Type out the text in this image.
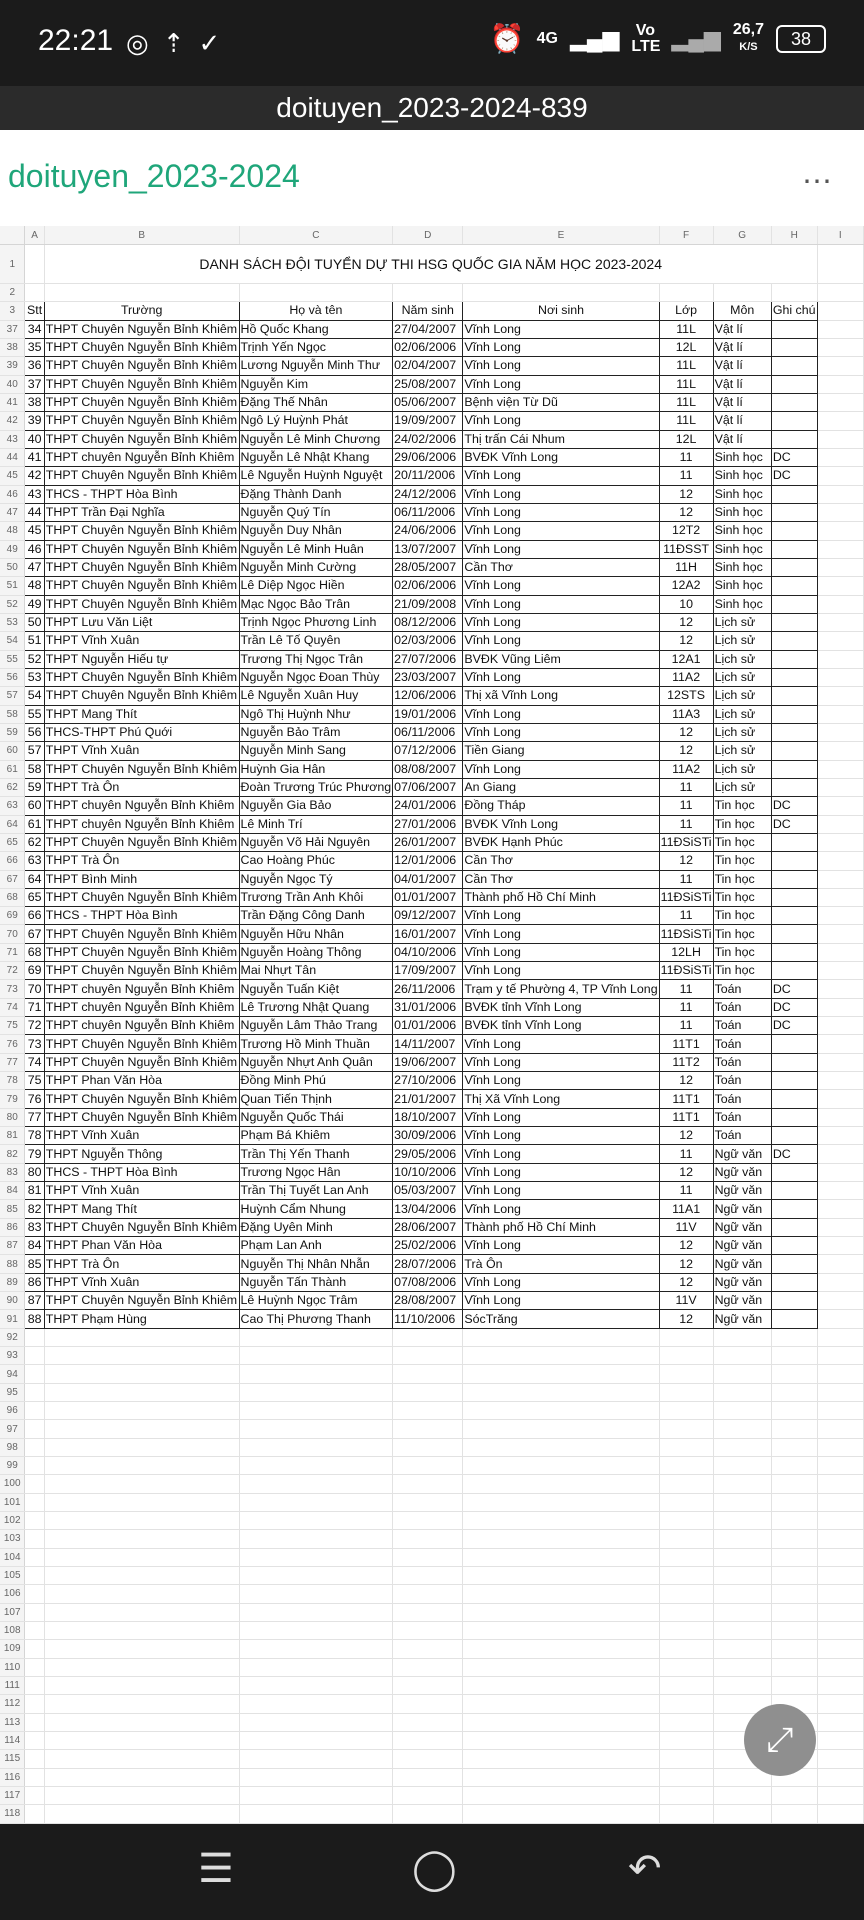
22:21 ◎⇡✓	⏰ 4G ▂▄▆ Vo LTE ▂▄▆ 26,7
K/S	38
doituyen_2023-2024-839
doituyen_2023-2024	⋯
	A	B	C	D	E	F	G	H	I
1		DANH SÁCH ĐỘI TUYỂN DỰ THI HSG QUỐC GIA NĂM HỌC 2023-2024							
2									
3	Stt	Trường	Họ và tên	Năm sinh	Nơi sinh	Lớp	Môn	Ghi chú	
37	34	THPT Chuyên Nguyễn Bỉnh Khiêm	Hồ Quốc Khang	27/04/2007	Vĩnh Long	11L	Vật lí		
38	35	THPT Chuyên Nguyễn Bỉnh Khiêm	Trịnh Yến Ngọc	02/06/2006	Vĩnh Long	12L	Vật lí		
39	36	THPT Chuyên Nguyễn Bỉnh Khiêm	Lương Nguyễn Minh Thư	02/04/2007	Vĩnh Long	11L	Vật lí		
40	37	THPT Chuyên Nguyễn Bỉnh Khiêm	Nguyễn Kim	25/08/2007	Vĩnh Long	11L	Vật lí		
41	38	THPT Chuyên Nguyễn Bỉnh Khiêm	Đặng Thế Nhân	05/06/2007	Bệnh viện Từ Dũ	11L	Vật lí		
42	39	THPT Chuyên Nguyễn Bỉnh Khiêm	Ngô Lý Huỳnh Phát	19/09/2007	Vĩnh Long	11L	Vật lí		
43	40	THPT Chuyên Nguyễn Bỉnh Khiêm	Nguyễn Lê Minh Chương	24/02/2006	Thị trấn Cái Nhum	12L	Vật lí		
44	41	THPT chuyên Nguyễn Bỉnh Khiêm	Nguyễn Lê Nhật Khang	29/06/2006	BVĐK Vĩnh Long	11	Sinh học	DC	
45	42	THPT Chuyên Nguyễn Bỉnh Khiêm	Lê Nguyễn Huỳnh Nguyệt	20/11/2006	Vĩnh Long	11	Sinh học	DC	
46	43	THCS - THPT Hòa Bình	Đặng Thành Danh	24/12/2006	Vĩnh Long	12	Sinh học		
47	44	THPT Trần Đại Nghĩa	Nguyễn Quý Tín	06/11/2006	Vĩnh Long	12	Sinh học		
48	45	THPT Chuyên Nguyễn Bỉnh Khiêm	Nguyễn Duy Nhân	24/06/2006	Vĩnh Long	12T2	Sinh học		
49	46	THPT Chuyên Nguyễn Bỉnh Khiêm	Nguyễn Lê Minh Huân	13/07/2007	Vĩnh Long	11ĐSST	Sinh học		
50	47	THPT Chuyên Nguyễn Bỉnh Khiêm	Nguyễn Minh Cường	28/05/2007	Cần Thơ	11H	Sinh học		
51	48	THPT Chuyên Nguyễn Bỉnh Khiêm	Lê Diệp Ngọc Hiền	02/06/2006	Vĩnh Long	12A2	Sinh học		
52	49	THPT Chuyên Nguyễn Bỉnh Khiêm	Mạc Ngọc Bảo Trân	21/09/2008	Vĩnh Long	10	Sinh học		
53	50	THPT Lưu Văn Liệt	Trịnh Ngọc Phương Linh	08/12/2006	Vĩnh Long	12	Lịch sử		
54	51	THPT Vĩnh Xuân	Trần Lê Tố Quyên	02/03/2006	Vĩnh Long	12	Lịch sử		
55	52	THPT Nguyễn Hiếu tự	Trương Thị Ngọc Trân	27/07/2006	BVĐK Vũng Liêm	12A1	Lịch sử		
56	53	THPT Chuyên Nguyễn Bỉnh Khiêm	Nguyễn Ngọc Đoan Thùy	23/03/2007	Vĩnh Long	11A2	Lịch sử		
57	54	THPT Chuyên Nguyễn Bỉnh Khiêm	Lê Nguyễn Xuân Huy	12/06/2006	Thị xã Vĩnh Long	12STS	Lịch sử		
58	55	THPT Mang Thít	Ngô Thị Huỳnh Như	19/01/2006	Vĩnh Long	11A3	Lịch sử		
59	56	THCS-THPT Phú Quới	Nguyễn Bảo Trâm	06/11/2006	Vĩnh Long	12	Lịch sử		
60	57	THPT Vĩnh Xuân	Nguyễn Minh Sang	07/12/2006	Tiền Giang	12	Lịch sử		
61	58	THPT Chuyên Nguyễn Bỉnh Khiêm	Huỳnh Gia Hân	08/08/2007	Vĩnh Long	11A2	Lịch sử		
62	59	THPT Trà Ôn	Đoàn Trương Trúc Phương	07/06/2007	An Giang	11	Lịch sử		
63	60	THPT chuyên Nguyễn Bỉnh Khiêm	Nguyễn Gia Bảo	24/01/2006	Đồng Tháp	11	Tin học	DC	
64	61	THPT chuyên Nguyễn Bỉnh Khiêm	Lê Minh Trí	27/01/2006	BVĐK Vĩnh Long	11	Tin học	DC	
65	62	THPT Chuyên Nguyễn Bỉnh Khiêm	Nguyễn Võ Hải Nguyên	26/01/2007	BVĐK Hạnh Phúc	11ĐSiSTi	Tin học		
66	63	THPT Trà Ôn	Cao Hoàng Phúc	12/01/2006	Cần Thơ	12	Tin học		
67	64	THPT Bình Minh	Nguyễn Ngọc Tý	04/01/2007	Cần Thơ	11	Tin học		
68	65	THPT Chuyên Nguyễn Bỉnh Khiêm	Trương Trần Anh Khôi	01/01/2007	Thành phố Hồ Chí Minh	11ĐSiSTi	Tin học		
69	66	THCS - THPT Hòa Bình	Trần Đặng Công Danh	09/12/2007	Vĩnh Long	11	Tin học		
70	67	THPT Chuyên Nguyễn Bỉnh Khiêm	Nguyễn Hữu Nhân	16/01/2007	Vĩnh Long	11ĐSiSTi	Tin học		
71	68	THPT Chuyên Nguyễn Bỉnh Khiêm	Nguyễn Hoàng Thông	04/10/2006	Vĩnh Long	12LH	Tin học		
72	69	THPT Chuyên Nguyễn Bỉnh Khiêm	Mai Nhựt Tân	17/09/2007	Vĩnh Long	11ĐSiSTi	Tin học		
73	70	THPT chuyên Nguyễn Bỉnh Khiêm	Nguyễn Tuấn Kiệt	26/11/2006	Trạm y tế Phường 4, TP Vĩnh Long	11	Toán	DC	
74	71	THPT chuyên Nguyễn Bỉnh Khiêm	Lê Trương Nhật Quang	31/01/2006	BVĐK tỉnh Vĩnh Long	11	Toán	DC	
75	72	THPT chuyên Nguyễn Bỉnh Khiêm	Nguyễn Lâm Thảo Trang	01/01/2006	BVĐK tỉnh Vĩnh Long	11	Toán	DC	
76	73	THPT Chuyên Nguyễn Bỉnh Khiêm	Trương Hồ Minh Thuần	14/11/2007	Vĩnh Long	11T1	Toán		
77	74	THPT Chuyên Nguyễn Bỉnh Khiêm	Nguyễn Nhựt Anh Quân	19/06/2007	Vĩnh Long	11T2	Toán		
78	75	THPT Phan Văn Hòa	Đồng Minh Phú	27/10/2006	Vĩnh Long	12	Toán		
79	76	THPT Chuyên Nguyễn Bỉnh Khiêm	Quan Tiến Thịnh	21/01/2007	Thị Xã Vĩnh Long	11T1	Toán		
80	77	THPT Chuyên Nguyễn Bỉnh Khiêm	Nguyễn Quốc Thái	18/10/2007	Vĩnh Long	11T1	Toán		
81	78	THPT Vĩnh Xuân	Phạm Bá Khiêm	30/09/2006	Vĩnh Long	12	Toán		
82	79	THPT Nguyễn Thông	Trần Thị Yến Thanh	29/05/2006	Vĩnh Long	11	Ngữ văn	DC	
83	80	THCS - THPT Hòa Bình	Trương Ngọc Hân	10/10/2006	Vĩnh Long	12	Ngữ văn		
84	81	THPT Vĩnh Xuân	Trần Thị Tuyết Lan Anh	05/03/2007	Vĩnh Long	11	Ngữ văn		
85	82	THPT Mang Thít	Huỳnh Cẩm Nhung	13/04/2006	Vĩnh Long	11A1	Ngữ văn		
86	83	THPT Chuyên Nguyễn Bỉnh Khiêm	Đặng Uyên Minh	28/06/2007	Thành phố Hồ Chí Minh	11V	Ngữ văn		
87	84	THPT Phan Văn Hòa	Phạm Lan Anh	25/02/2006	Vĩnh Long	12	Ngữ văn		
88	85	THPT Trà Ôn	Nguyễn Thị Nhân Nhẫn	28/07/2006	Trà Ôn	12	Ngữ văn		
89	86	THPT Vĩnh Xuân	Nguyễn Tấn Thành	07/08/2006	Vĩnh Long	12	Ngữ văn		
90	87	THPT Chuyên Nguyễn Bỉnh Khiêm	Lê Huỳnh Ngọc Trâm	28/08/2007	Vĩnh Long	11V	Ngữ văn		
91	88	THPT Phạm Hùng	Cao Thị Phương Thanh	11/10/2006	SócTrăng	12	Ngữ văn		
92									
93									
94									
95									
96									
97									
98									
99									
100									
101									
102									
103									
104									
105									
106									
107									
108									
109									
110									
111									
112									
113									
114									
115									
116									
117									
118									
⤢
☰	◯	↶
